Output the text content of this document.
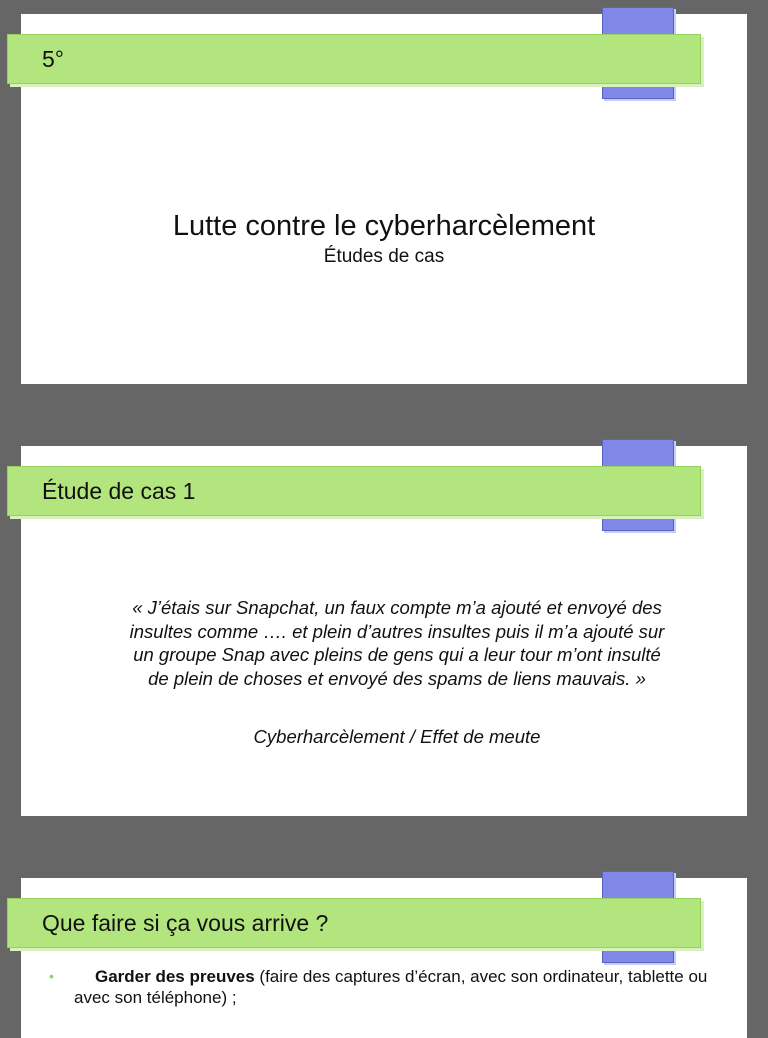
5°
Lutte contre le cyberharcèlement
Études de cas
Étude de cas 1
« J’étais sur Snapchat, un faux compte m’a ajouté et envoyé des insultes comme …. et plein d’autres insultes puis il m’a ajouté sur un groupe Snap avec pleins de gens qui a leur tour m’ont insulté de plein de choses et envoyé des spams de liens mauvais. »
Cyberharcèlement / Effet de meute
Que faire si ça vous arrive ?
• Garder des preuves (faire des captures d’écran, avec son ordinateur, tablette ou avec son téléphone) ;
